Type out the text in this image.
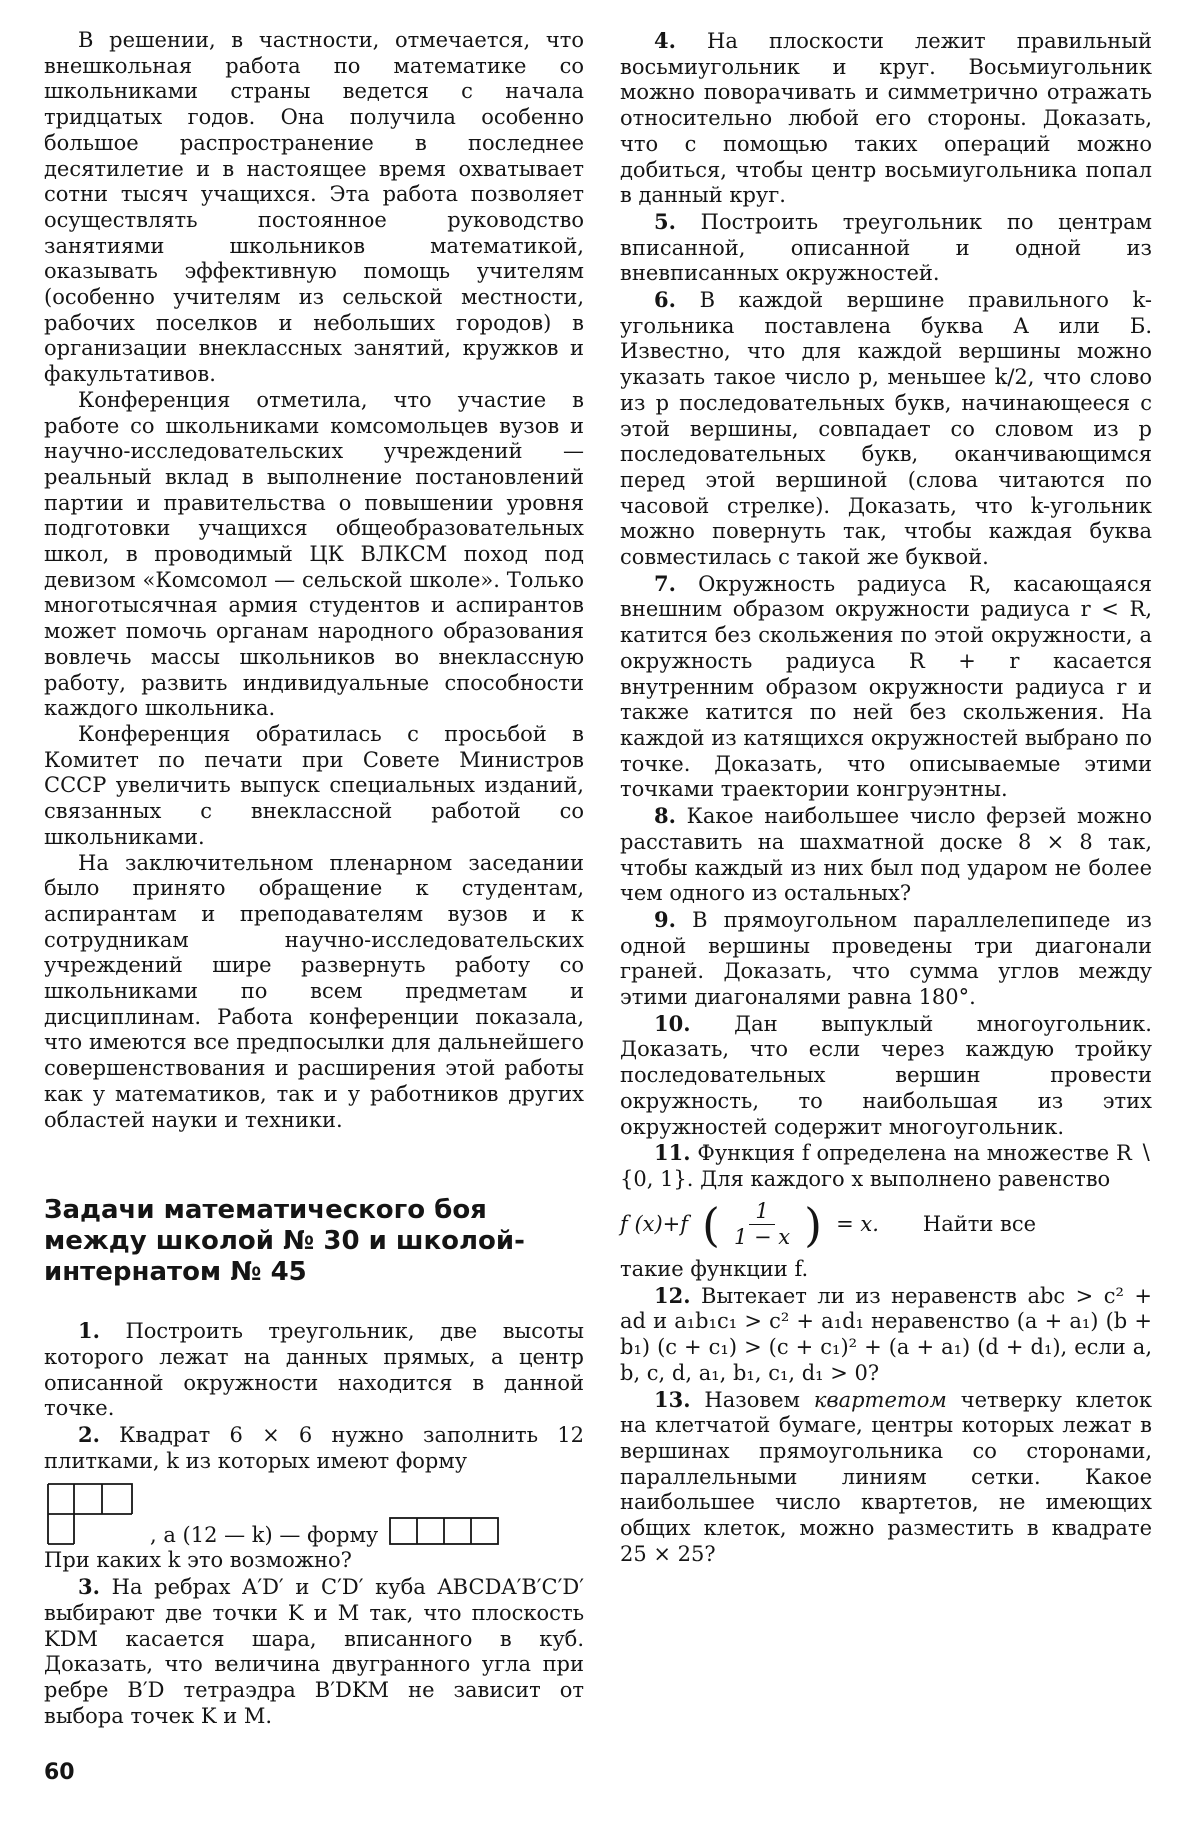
В решении, в частности, отмечается, что внешкольная работа по математике со школьниками страны ведется с начала тридцатых годов. Она получила особенно большое распространение в последнее десятилетие и в настоящее время охватывает сотни тысяч учащихся. Эта работа позволяет осуществлять постоянное руководство занятиями школьников математикой, оказывать эффективную помощь учителям (особенно учителям из сельской местности, рабочих поселков и небольших городов) в организации внеклассных занятий, кружков и факультативов.

Конференция отметила, что участие в работе со школьниками комсомольцев вузов и научно-исследовательских учреждений — реальный вклад в выполнение постановлений партии и правительства о повышении уровня подготовки учащихся общеобразовательных школ, в проводимый ЦК ВЛКСМ поход под девизом «Комсомол — сельской школе». Только многотысячная армия студентов и аспирантов может помочь органам народного образования вовлечь массы школьников во внеклассную работу, развить индивидуальные способности каждого школьника.

Конференция обратилась с просьбой в Комитет по печати при Совете Министров СССР увеличить выпуск специальных изданий, связанных с внеклассной работой со школьниками.

На заключительном пленарном заседании было принято обращение к студентам, аспирантам и преподавателям вузов и к сотрудникам научно-исследовательских учреждений шире развернуть работу со школьниками по всем предметам и дисциплинам. Работа конференции показала, что имеются все предпосылки для дальнейшего совершенствования и расширения этой работы как у математиков, так и у работников других областей науки и техники.

Задачи математического боя между школой № 30 и школой-интернатом № 45
1. Построить треугольник, две высоты которого лежат на данных прямых, а центр описанной окружности находится в данной точке.
2. Квадрат 6 × 6 нужно заполнить 12 плитками, k из которых имеют форму
, а (12 — k) — форму

При каких k это возможно?

3. На ребрах A′D′ и C′D′ куба ABCDA′B′C′D′ выбирают две точки K и M так, что плоскость KDM касается шара, вписанного в куб. Доказать, что величина двугранного угла при ребре B′D тетраэдра B′DKM не зависит от выбора точек K и M.
4. На плоскости лежит правильный восьмиугольник и круг. Восьмиугольник можно поворачивать и симметрично отражать относительно любой его стороны. Доказать, что с помощью таких операций можно добиться, чтобы центр восьмиугольника попал в данный круг.
5. Построить треугольник по центрам вписанной, описанной и одной из вневписанных окружностей.
6. В каждой вершине правильного k-угольника поставлена буква A или Б. Известно, что для каждой вершины можно указать такое число p, меньшее k/2, что слово из p последовательных букв, начинающееся с этой вершины, совпадает со словом из p последовательных букв, оканчивающимся перед этой вершиной (слова читаются по часовой стрелке). Доказать, что k-угольник можно повернуть так, чтобы каждая буква совместилась с такой же буквой.
7. Окружность радиуса R, касающаяся внешним образом окружности радиуса r < R, катится без скольжения по этой окружности, а окружность радиуса R + r касается внутренним образом окружности радиуса r и также катится по ней без скольжения. На каждой из катящихся окружностей выбрано по точке. Доказать, что описываемые этими точками траектории конгруэнтны.
8. Какое наибольшее число ферзей можно расставить на шахматной доске 8 × 8 так, чтобы каждый из них был под ударом не более чем одного из остальных?
9. В прямоугольном параллелепипеде из одной вершины проведены три диагонали граней. Доказать, что сумма углов между этими диагоналями равна 180°.
10. Дан выпуклый многоугольник. Доказать, что если через каждую тройку последовательных вершин провести окружность, то наибольшая из этих окружностей содержит многоугольник.
11. Функция f определена на множестве R ∖ {0, 1}. Для каждого x выполнено равенство
f (x)+f ( $\frac{1}{1 - x}$ ) = x. Найти все

такие функции f.

12. Вытекает ли из неравенств abc > c² + ad и a₁b₁c₁ > c² + a₁d₁ неравенство (a + a₁) (b + b₁) (c + c₁) > (c + c₁)² + (a + a₁) (d + d₁), если a, b, c, d, a₁, b₁, c₁, d₁ > 0?
13. Назовем квартетом четверку клеток на клетчатой бумаге, центры которых лежат в вершинах прямоугольника со сторонами, параллельными линиям сетки. Какое наибольшее число квартетов, не имеющих общих клеток, можно разместить в квадрате 25 × 25?
60
